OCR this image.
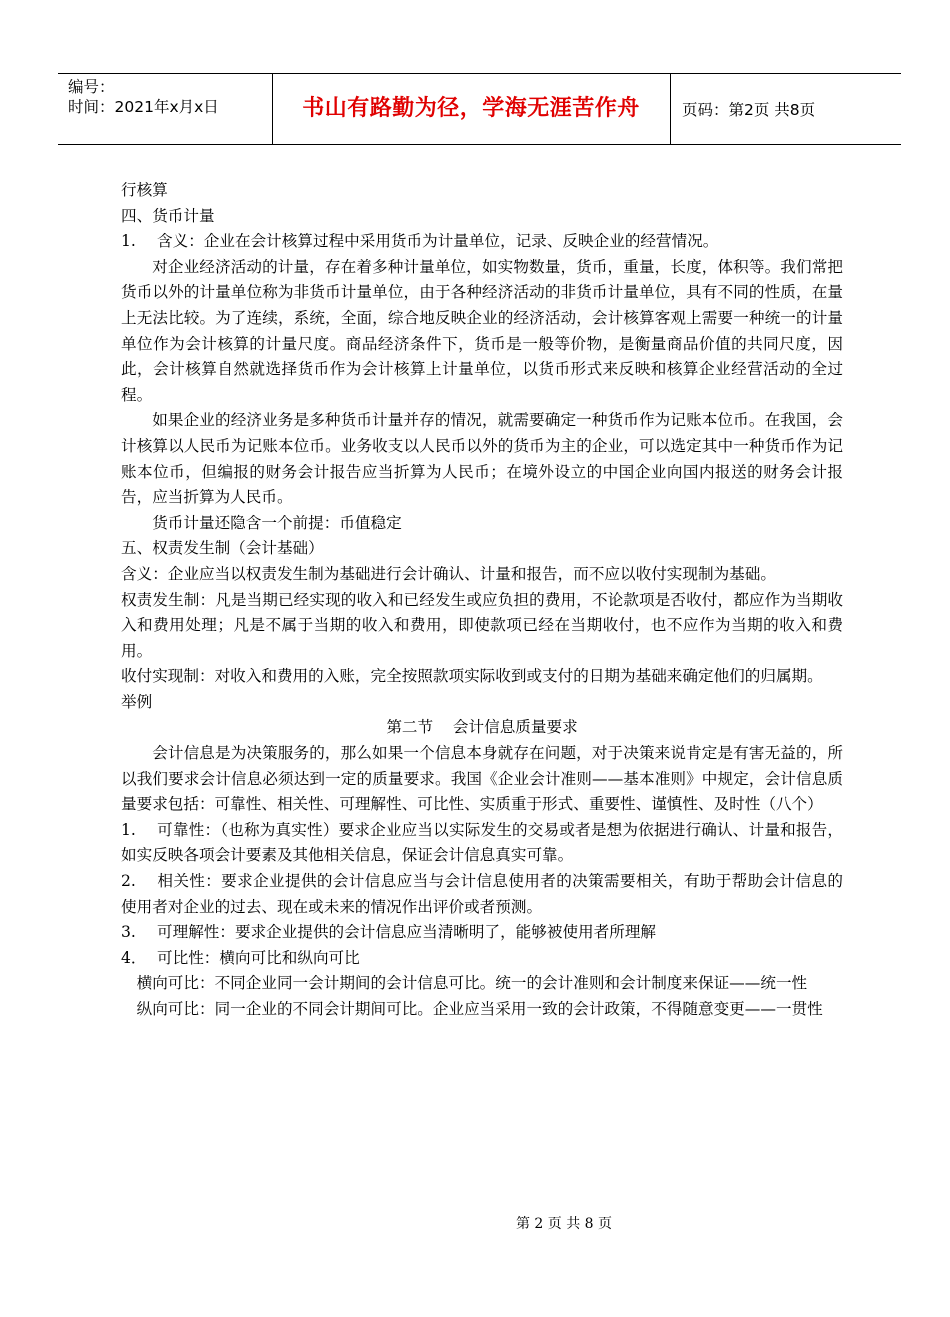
编号：
时间：2021年x月x日	书山有路勤为径，学海无涯苦作舟	页码：第2页 共8页

行核算

四、货币计量

1. 含义：企业在会计核算过程中采用货币为计量单位，记录、反映企业的经营情况。

对企业经济活动的计量，存在着多种计量单位，如实物数量，货币，重量，长度，体积等。我们常把货币以外的计量单位称为非货币计量单位，由于各种经济活动的非货币计量单位，具有不同的性质，在量上无法比较。为了连续，系统，全面，综合地反映企业的经济活动，会计核算客观上需要一种统一的计量单位作为会计核算的计量尺度。商品经济条件下，货币是一般等价物，是衡量商品价值的共同尺度，因此，会计核算自然就选择货币作为会计核算上计量单位，以货币形式来反映和核算企业经营活动的全过程。

如果企业的经济业务是多种货币计量并存的情况，就需要确定一种货币作为记账本位币。在我国，会计核算以人民币为记账本位币。业务收支以人民币以外的货币为主的企业，可以选定其中一种货币作为记账本位币，但编报的财务会计报告应当折算为人民币；在境外设立的中国企业向国内报送的财务会计报告，应当折算为人民币。

货币计量还隐含一个前提：币值稳定

五、权责发生制（会计基础）

含义：企业应当以权责发生制为基础进行会计确认、计量和报告，而不应以收付实现制为基础。

权责发生制：凡是当期已经实现的收入和已经发生或应负担的费用，不论款项是否收付，都应作为当期收入和费用处理；凡是不属于当期的收入和费用，即使款项已经在当期收付，也不应作为当期的收入和费用。

收付实现制：对收入和费用的入账，完全按照款项实际收到或支付的日期为基础来确定他们的归属期。

举例

第二节    会计信息质量要求

会计信息是为决策服务的，那么如果一个信息本身就存在问题，对于决策来说肯定是有害无益的，所以我们要求会计信息必须达到一定的质量要求。我国《企业会计准则——基本准则》中规定，会计信息质量要求包括：可靠性、相关性、可理解性、可比性、实质重于形式、重要性、谨慎性、及时性（八个）

1. 可靠性：（也称为真实性）要求企业应当以实际发生的交易或者是想为依据进行确认、计量和报告，如实反映各项会计要素及其他相关信息，保证会计信息真实可靠。

2. 相关性：要求企业提供的会计信息应当与会计信息使用者的决策需要相关，有助于帮助会计信息的使用者对企业的过去、现在或未来的情况作出评价或者预测。

3. 可理解性：要求企业提供的会计信息应当清晰明了，能够被使用者所理解

4． 可比性：横向可比和纵向可比

横向可比：不同企业同一会计期间的会计信息可比。统一的会计准则和会计制度来保证——统一性

纵向可比：同一企业的不同会计期间可比。企业应当采用一致的会计政策，不得随意变更——一贯性

第 2 页 共 8 页
